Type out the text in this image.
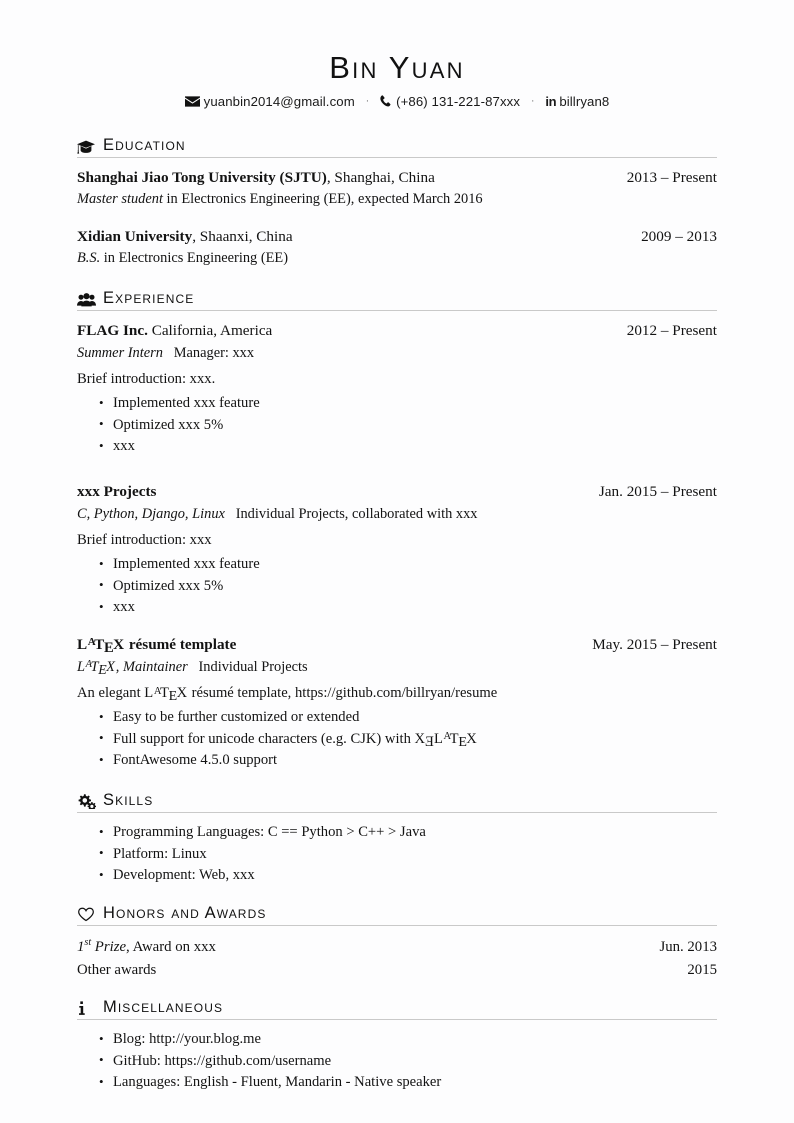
Bin Yuan
yuanbin2014@gmail.com · (+86) 131-221-87xxx · in billryan8
Education
Shanghai Jiao Tong University (SJTU), Shanghai, China	2013 – Present
Master student in Electronics Engineering (EE), expected March 2016
Xidian University, Shaanxi, China	2009 – 2013
B.S. in Electronics Engineering (EE)
Experience
FLAG Inc. California, America	2012 – Present
Summer Intern   Manager: xxx
Brief introduction: xxx.
• Implemented xxx feature
• Optimized xxx 5%
• xxx
xxx Projects	Jan. 2015 – Present
C, Python, Django, Linux   Individual Projects, collaborated with xxx
Brief introduction: xxx
• Implemented xxx feature
• Optimized xxx 5%
• xxx
$L^ATEX$ résumé template	May. 2015 – Present
$L^ATEX$, Maintainer   Individual Projects
An elegant $L^ATEX$ résumé template, https://github.com/billryan/resume
• Easy to be further customized or extended
• Full support for unicode characters (e.g. CJK) with $XEL^ATEX$
• FontAwesome 4.5.0 support
Skills
• Programming Languages: C == Python > C++ > Java
• Platform: Linux
• Development: Web, xxx
Honors and Awards
1st Prize, Award on xxx	Jun. 2013
Other awards	2015
Miscellaneous
• Blog: http://your.blog.me
• GitHub: https://github.com/username
• Languages: English - Fluent, Mandarin - Native speaker
